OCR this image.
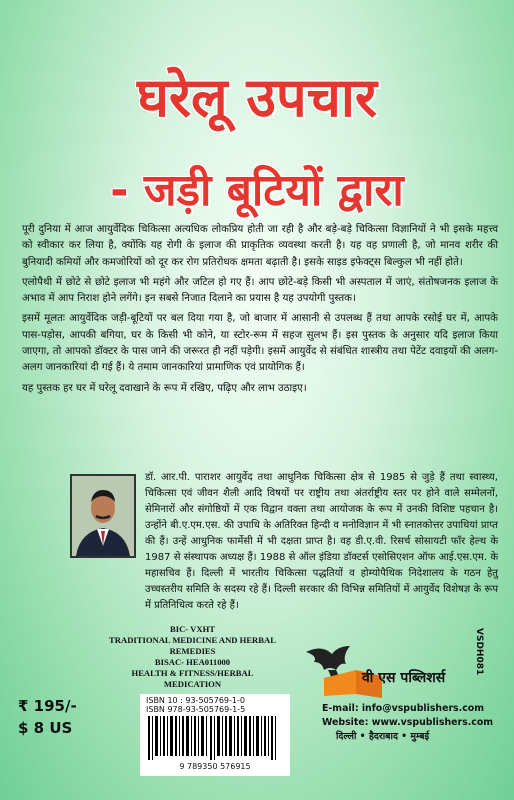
घरेलू उपचार
- जड़ी बूटियों द्वारा

पूरी दुनिया में आज आयुर्वेदिक चिकित्सा अत्यधिक लोकप्रिय होती जा रही है और बड़े-बड़े चिकित्सा विज्ञानियों ने भी इसके महत्त्व को स्वीकार कर लिया है, क्योंकि यह रोगी के इलाज की प्राकृतिक व्यवस्था करती है। यह वह प्रणाली है, जो मानव शरीर की बुनियादी कमियों और कमजोरियों को दूर कर रोग प्रतिरोधक क्षमता बढ़ाती है। इसके साइड इफेक्ट्स बिल्कुल भी नहीं होते।

एलोपैथी में छोटे से छोटे इलाज भी महंगे और जटिल हो गए हैं। आप छोटे-बड़े किसी भी अस्पताल में जाएं, संतोषजनक इलाज के अभाव में आप निराश होने लगेंगे। इन सबसे निजात दिलाने का प्रयास है यह उपयोगी पुस्तक।

इसमें मूलतः आयुर्वेदिक जड़ी-बूटियों पर बल दिया गया है, जो बाजार में आसानी से उपलब्ध हैं तथा आपके रसोई घर में, आपके पास-पड़ोस, आपकी बगिया, घर के किसी भी कोने, या स्टोर-रूम में सहज सुलभ हैं। इस पुस्तक के अनुसार यदि इलाज किया जाएगा, तो आपको डॉक्टर के पास जाने की जरूरत ही नहीं पड़ेगी। इसमें आयुर्वेद से संबंधित शास्त्रीय तथा पेटेंट दवाइयों की अलग-अलग जानकारियां दी गई हैं। ये तमाम जानकारियां प्रामाणिक एवं प्रायोगिक हैं।

यह पुस्तक हर घर में घरेलू दवाखाने के रूप में रखिए, पढ़िए और लाभ उठाइए।

डॉ. आर.पी. पाराशर आयुर्वेद तथा आधुनिक चिकित्सा क्षेत्र से 1985 से जुड़े हैं तथा स्वास्थ्य, चिकित्सा एवं जीवन शैली आदि विषयों पर राष्ट्रीय तथा अंतर्राष्ट्रीय स्तर पर होने वाले सम्मेलनों, सेमिनारों और संगोष्ठियों में एक विद्वान वक्ता तथा आयोजक के रूप में उनकी विशिष्ट पहचान है। उन्होंने बी.ए.एम.एस. की उपाधि के अतिरिक्त हिन्दी व मनोविज्ञान में भी स्नातकोत्तर उपाधियां प्राप्त की हैं। उन्हें आधुनिक फार्मेसी में भी दक्षता प्राप्त है। वह डी.ए.वी. रिसर्च सोसायटी फॉर हेल्थ के 1987 से संस्थापक अध्यक्ष हैं। 1988 से ऑल इंडिया डॉक्टर्स एसोसिएशन ऑफ आई.एस.एम. के महासचिव हैं। दिल्ली में भारतीय चिकित्सा पद्धतियों व होम्योपैथिक निदेशालय के गठन हेतु उच्चस्तरीय समिति के सदस्य रहे हैं। दिल्ली सरकार की विभिन्न समितियों में आयुर्वेद विशेषज्ञ के रूप में प्रतिनिधित्व करते रहे हैं।
BIC- VXHT
TRADITIONAL MEDICINE AND HERBAL REMEDIES
BISAC- HEA011000
HEALTH & FITNESS/HERBAL MEDICATION
ISBN 10 : 93-505769-1-0
ISBN 978-93-505769-1-5
9 789350 576915
₹ 195/-
$ 8 US
VSDH081
वी एस पब्लिशर्स
E-mail: info@vspublishers.com
Website: www.vspublishers.com
दिल्ली • हैदराबाद • मुम्बई
